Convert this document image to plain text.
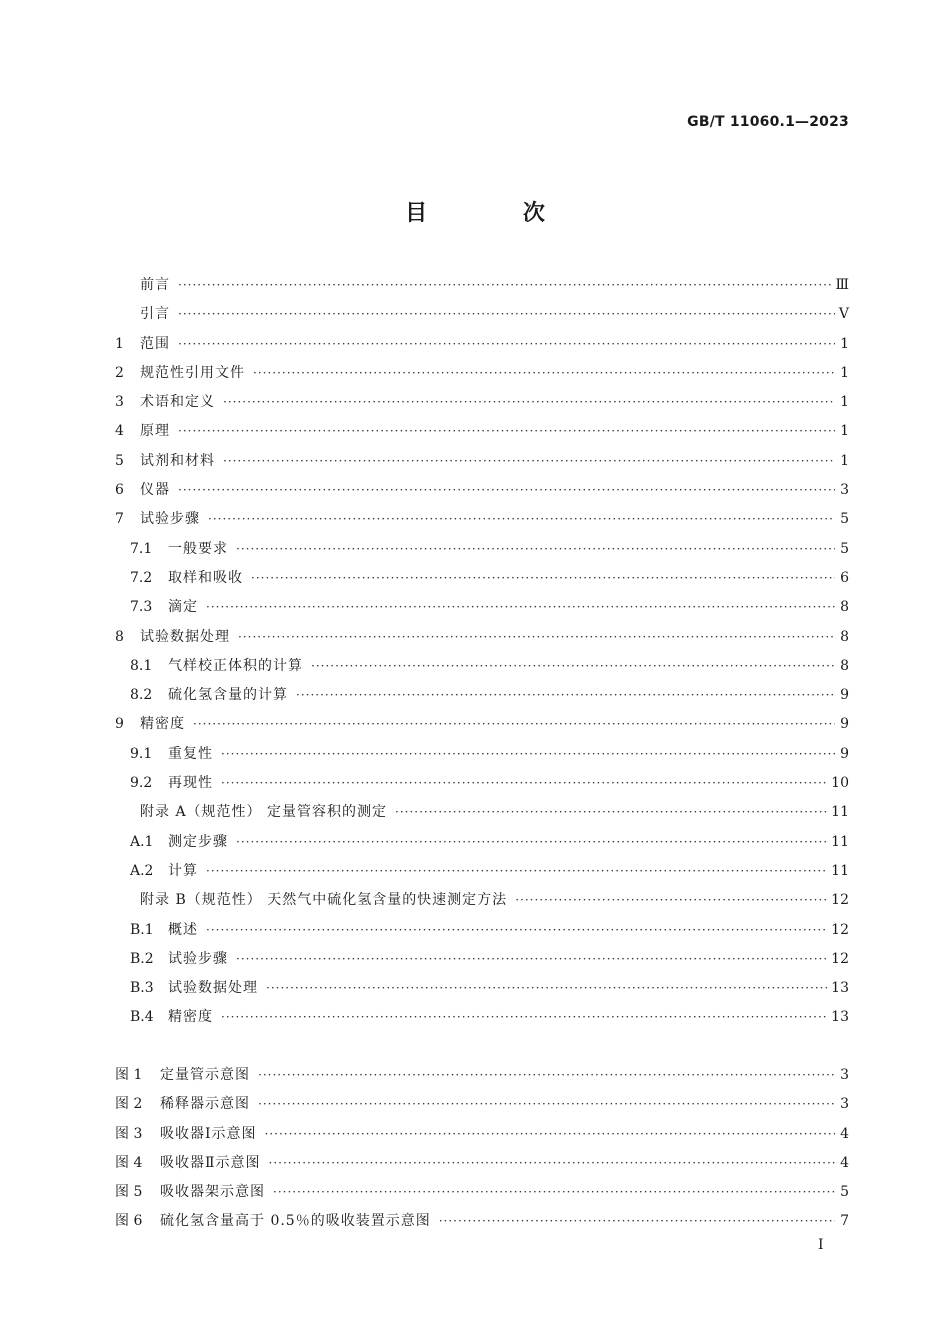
GB/T 11060.1—2023
目 次
前言 ·····	Ⅲ
引言 ·····	Ⅴ
1	范围 ·····	1
2	规范性引用文件 ·····	1
3	术语和定义 ·····	1
4	原理 ·····	1
5	试剂和材料 ·····	1
6	仪器 ·····	3
7	试验步骤 ·····	5
7.1	一般要求 ·····	5
7.2	取样和吸收 ·····	6
7.3	滴定 ·····	8
8	试验数据处理 ·····	8
8.1	气样校正体积的计算 ·····	8
8.2	硫化氢含量的计算 ·····	9
9	精密度 ·····	9
9.1	重复性 ·····	9
9.2	再现性 ·····	10
附录 A（规范性） 定量管容积的测定 ·····	11
A.1	测定步骤 ·····	11
A.2	计算 ·····	11
附录 B（规范性） 天然气中硫化氢含量的快速测定方法 ·····	12
B.1	概述 ·····	12
B.2	试验步骤 ·····	12
B.3	试验数据处理 ·····	13
B.4	精密度 ·····	13
图 1	定量管示意图 ·····	3
图 2	稀释器示意图 ·····	3
图 3	吸收器Ⅰ示意图 ·····	4
图 4	吸收器Ⅱ示意图 ·····	4
图 5	吸收器架示意图 ·····	5
图 6	硫化氢含量高于 0.5％的吸收装置示意图 ·····	7
Ⅰ
